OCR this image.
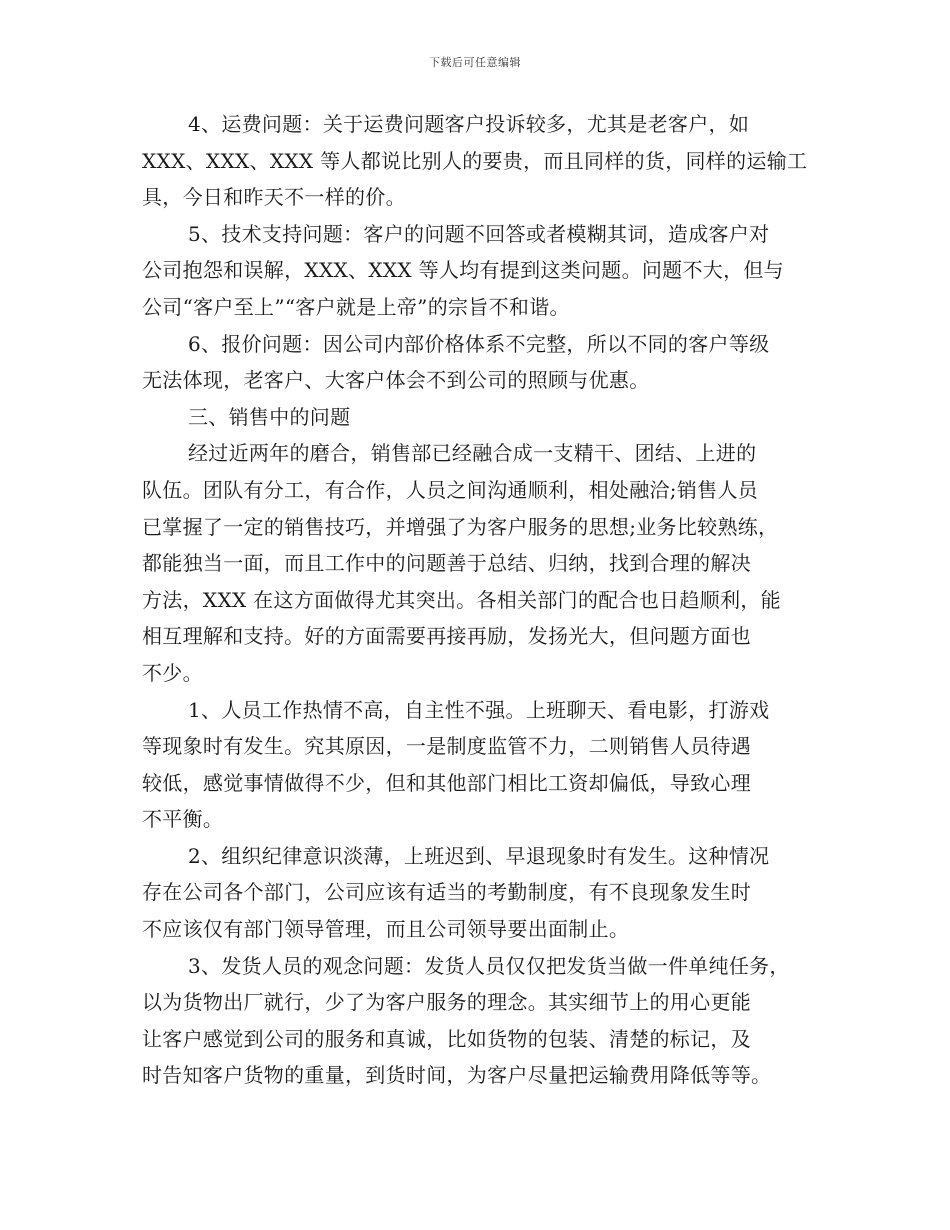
下载后可任意编辑
4、运费问题：关于运费问题客户投诉较多，尤其是老客户，如
XXX、XXX、XXX 等人都说比别人的要贵，而且同样的货，同样的运输工
具，今日和昨天不一样的价。
5、技术支持问题：客户的问题不回答或者模糊其词，造成客户对
公司抱怨和误解，XXX、XXX 等人均有提到这类问题。问题不大，但与
公司“客户至上”“客户就是上帝”的宗旨不和谐。
6、报价问题：因公司内部价格体系不完整，所以不同的客户等级
无法体现，老客户、大客户体会不到公司的照顾与优惠。
三、销售中的问题
经过近两年的磨合，销售部已经融合成一支精干、团结、上进的
队伍。团队有分工，有合作，人员之间沟通顺利，相处融洽;销售人员
已掌握了一定的销售技巧，并增强了为客户服务的思想;业务比较熟练，
都能独当一面，而且工作中的问题善于总结、归纳，找到合理的解决
方法，XXX 在这方面做得尤其突出。各相关部门的配合也日趋顺利，能
相互理解和支持。好的方面需要再接再励，发扬光大，但问题方面也
不少。
1、人员工作热情不高，自主性不强。上班聊天、看电影，打游戏
等现象时有发生。究其原因，一是制度监管不力，二则销售人员待遇
较低，感觉事情做得不少，但和其他部门相比工资却偏低，导致心理
不平衡。
2、组织纪律意识淡薄，上班迟到、早退现象时有发生。这种情况
存在公司各个部门，公司应该有适当的考勤制度，有不良现象发生时
不应该仅有部门领导管理，而且公司领导要出面制止。
3、发货人员的观念问题：发货人员仅仅把发货当做一件单纯任务，
以为货物出厂就行，少了为客户服务的理念。其实细节上的用心更能
让客户感觉到公司的服务和真诚，比如货物的包装、清楚的标记，及
时告知客户货物的重量，到货时间，为客户尽量把运输费用降低等等。
